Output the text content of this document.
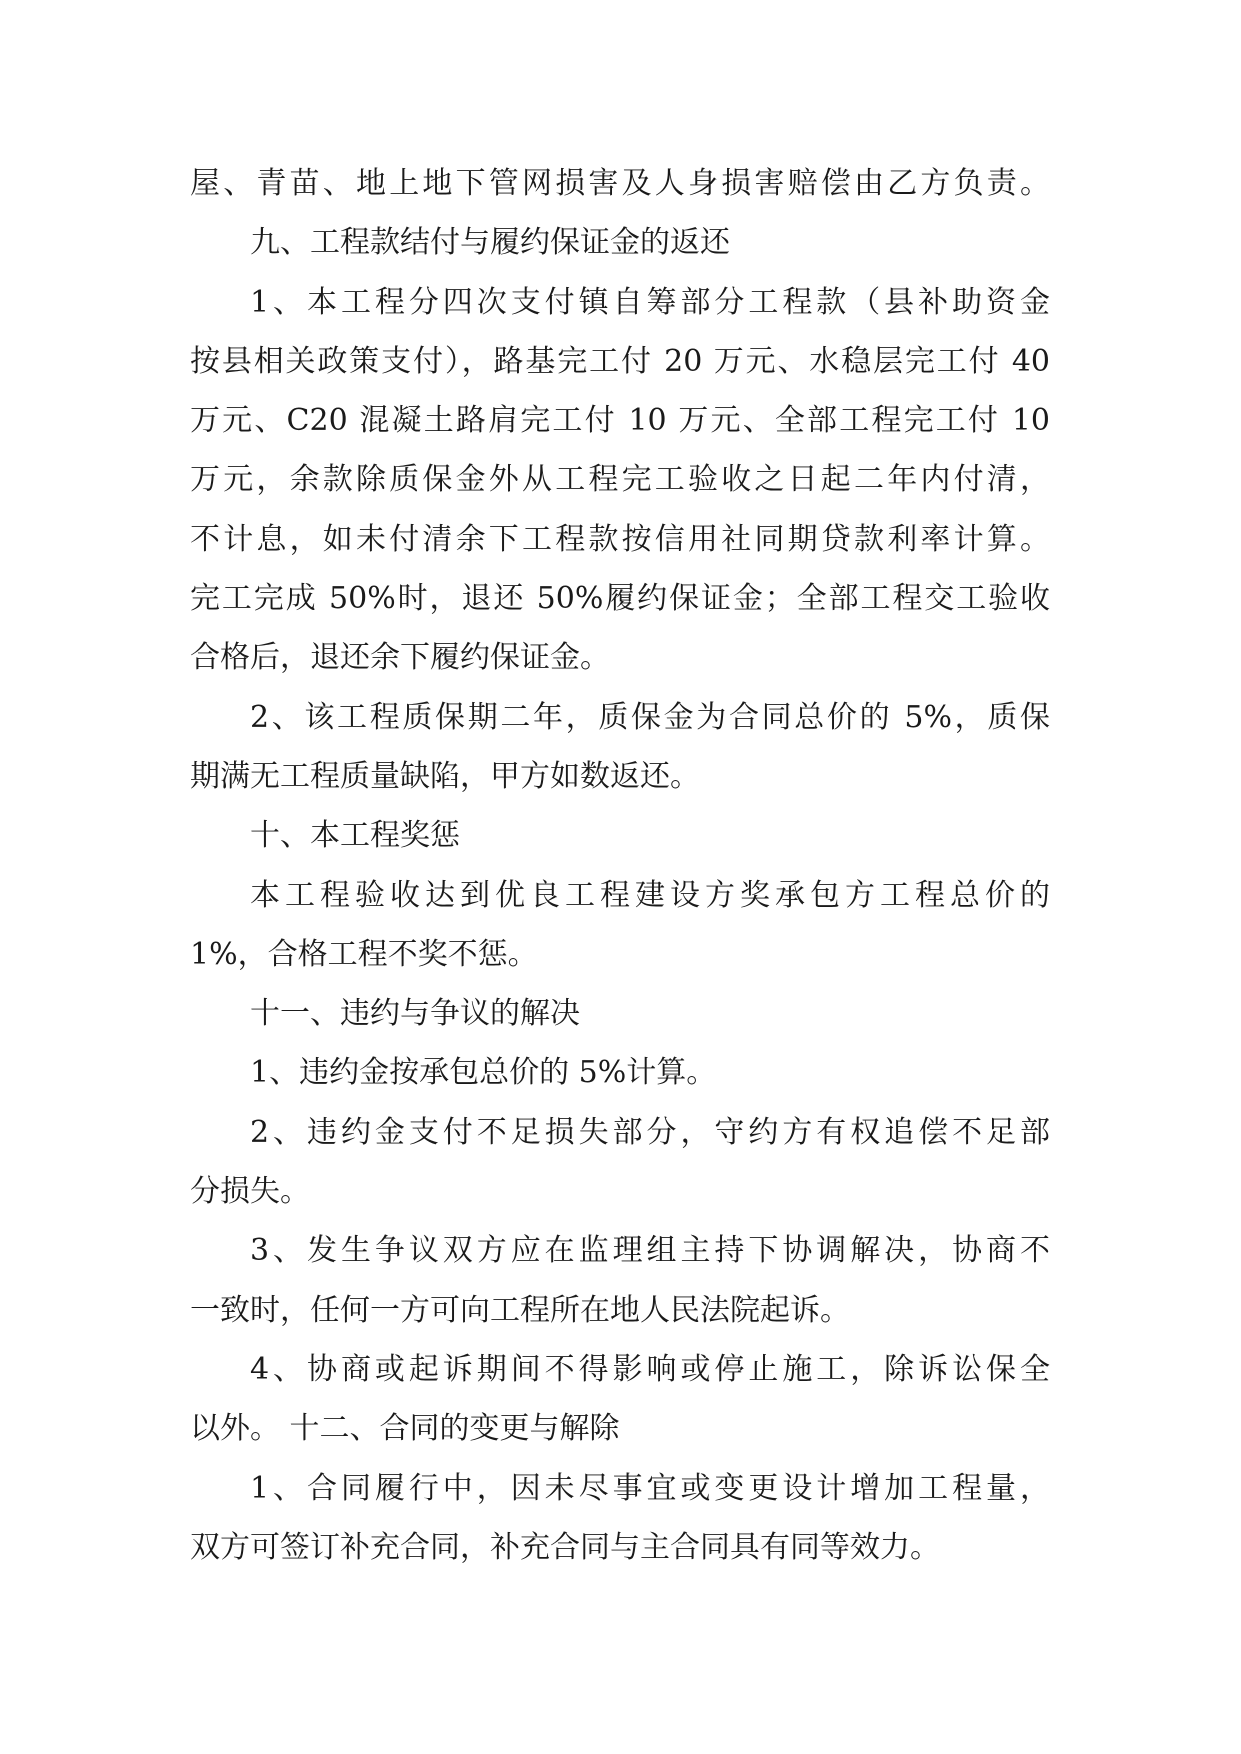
屋、青苗、地上地下管网损害及人身损害赔偿由乙方负责。
九、工程款结付与履约保证金的返还
1、本工程分四次支付镇自筹部分工程款（县补助资金
按县相关政策支付），路基完工付 20 万元、水稳层完工付 40
万元、C20 混凝土路肩完工付 10 万元、全部工程完工付 10
万元，余款除质保金外从工程完工验收之日起二年内付清，
不计息，如未付清余下工程款按信用社同期贷款利率计算。
完工完成 50%时，退还 50%履约保证金；全部工程交工验收
合格后，退还余下履约保证金。
2、该工程质保期二年，质保金为合同总价的 5%，质保
期满无工程质量缺陷，甲方如数返还。
十、本工程奖惩
本工程验收达到优良工程建设方奖承包方工程总价的
1%，合格工程不奖不惩。
十一、违约与争议的解决
1、违约金按承包总价的 5%计算。
2、违约金支付不足损失部分，守约方有权追偿不足部
分损失。
3、发生争议双方应在监理组主持下协调解决，协商不
一致时，任何一方可向工程所在地人民法院起诉。
4、协商或起诉期间不得影响或停止施工，除诉讼保全
以外。 十二、合同的变更与解除
1、合同履行中，因未尽事宜或变更设计增加工程量，
双方可签订补充合同，补充合同与主合同具有同等效力。
